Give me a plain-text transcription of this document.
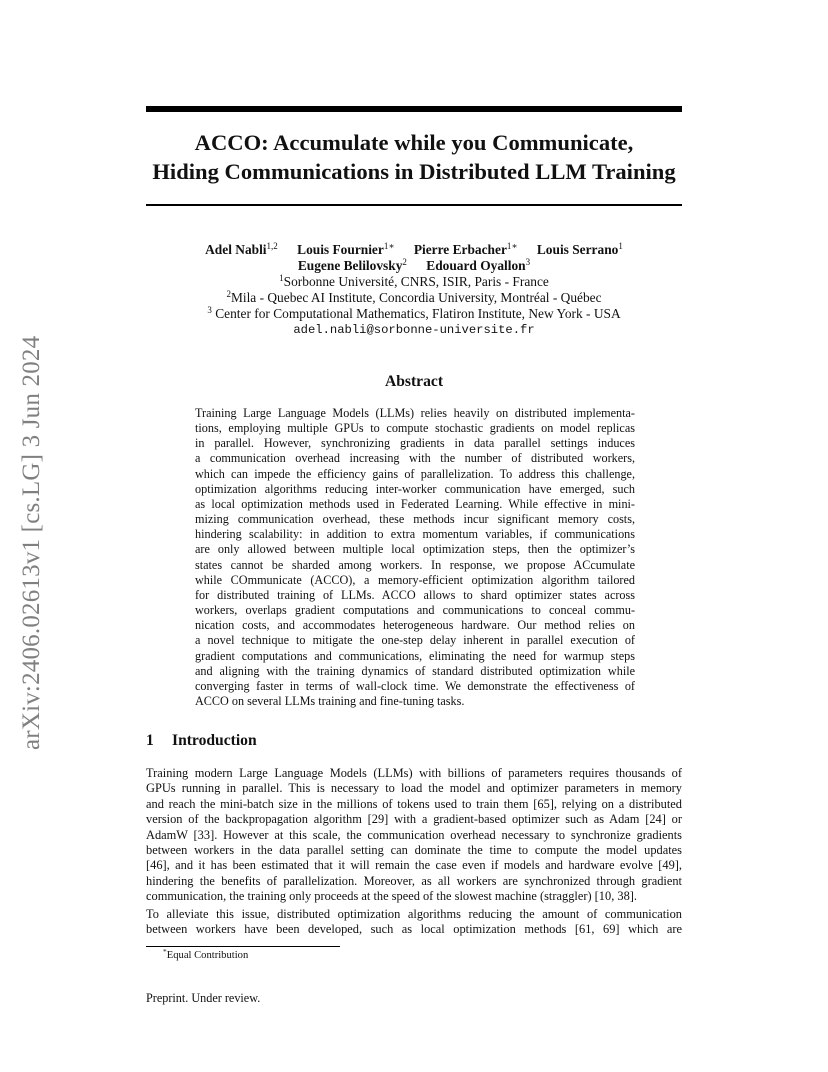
ACCO: Accumulate while you Communicate,
Hiding Communications in Distributed LLM Training
Adel Nabli$^{1,2}$ Louis Fournier$^{1∗}$ Pierre Erbacher$^{1∗}$ Louis Serrano$^1$
Eugene Belilovsky$^2$ Edouard Oyallon$^3$
$^1$Sorbonne Université, CNRS, ISIR, Paris - France
$^2$Mila - Quebec AI Institute, Concordia University, Montréal - Québec
$^3$ Center for Computational Mathematics, Flatiron Institute, New York - USA
adel.nabli@sorbonne-universite.fr
arXiv:2406.02613v1 [cs.LG] 3 Jun 2024	Abstract
Training Large Language Models (LLMs) relies heavily on distributed implementa-
tions, employing multiple GPUs to compute stochastic gradients on model replicas
in parallel. However, synchronizing gradients in data parallel settings induces
a communication overhead increasing with the number of distributed workers,
which can impede the efficiency gains of parallelization. To address this challenge,
optimization algorithms reducing inter-worker communication have emerged, such
as local optimization methods used in Federated Learning. While effective in mini-
mizing communication overhead, these methods incur significant memory costs,
hindering scalability: in addition to extra momentum variables, if communications
are only allowed between multiple local optimization steps, then the optimizer’s
states cannot be sharded among workers. In response, we propose ACcumulate
while COmmunicate (ACCO), a memory-efficient optimization algorithm tailored
for distributed training of LLMs. ACCO allows to shard optimizer states across
workers, overlaps gradient computations and communications to conceal commu-
nication costs, and accommodates heterogeneous hardware. Our method relies on
a novel technique to mitigate the one-step delay inherent in parallel execution of
gradient computations and communications, eliminating the need for warmup steps
and aligning with the training dynamics of standard distributed optimization while
converging faster in terms of wall-clock time. We demonstrate the effectiveness of
ACCO on several LLMs training and fine-tuning tasks.
1 Introduction
Training modern Large Language Models (LLMs) with billions of parameters requires thousands of
GPUs running in parallel. This is necessary to load the model and optimizer parameters in memory
and reach the mini-batch size in the millions of tokens used to train them [65], relying on a distributed
version of the backpropagation algorithm [29] with a gradient-based optimizer such as Adam [24] or
AdamW [33]. However at this scale, the communication overhead necessary to synchronize gradients
between workers in the data parallel setting can dominate the time to compute the model updates
[46], and it has been estimated that it will remain the case even if models and hardware evolve [49],
hindering the benefits of parallelization. Moreover, as all workers are synchronized through gradient
communication, the training only proceeds at the speed of the slowest machine (straggler) [10, 38].
To alleviate this issue, distributed optimization algorithms reducing the amount of communication
between workers have been developed, such as local optimization methods [61, 69] which are
*Equal Contribution
Preprint. Under review.
